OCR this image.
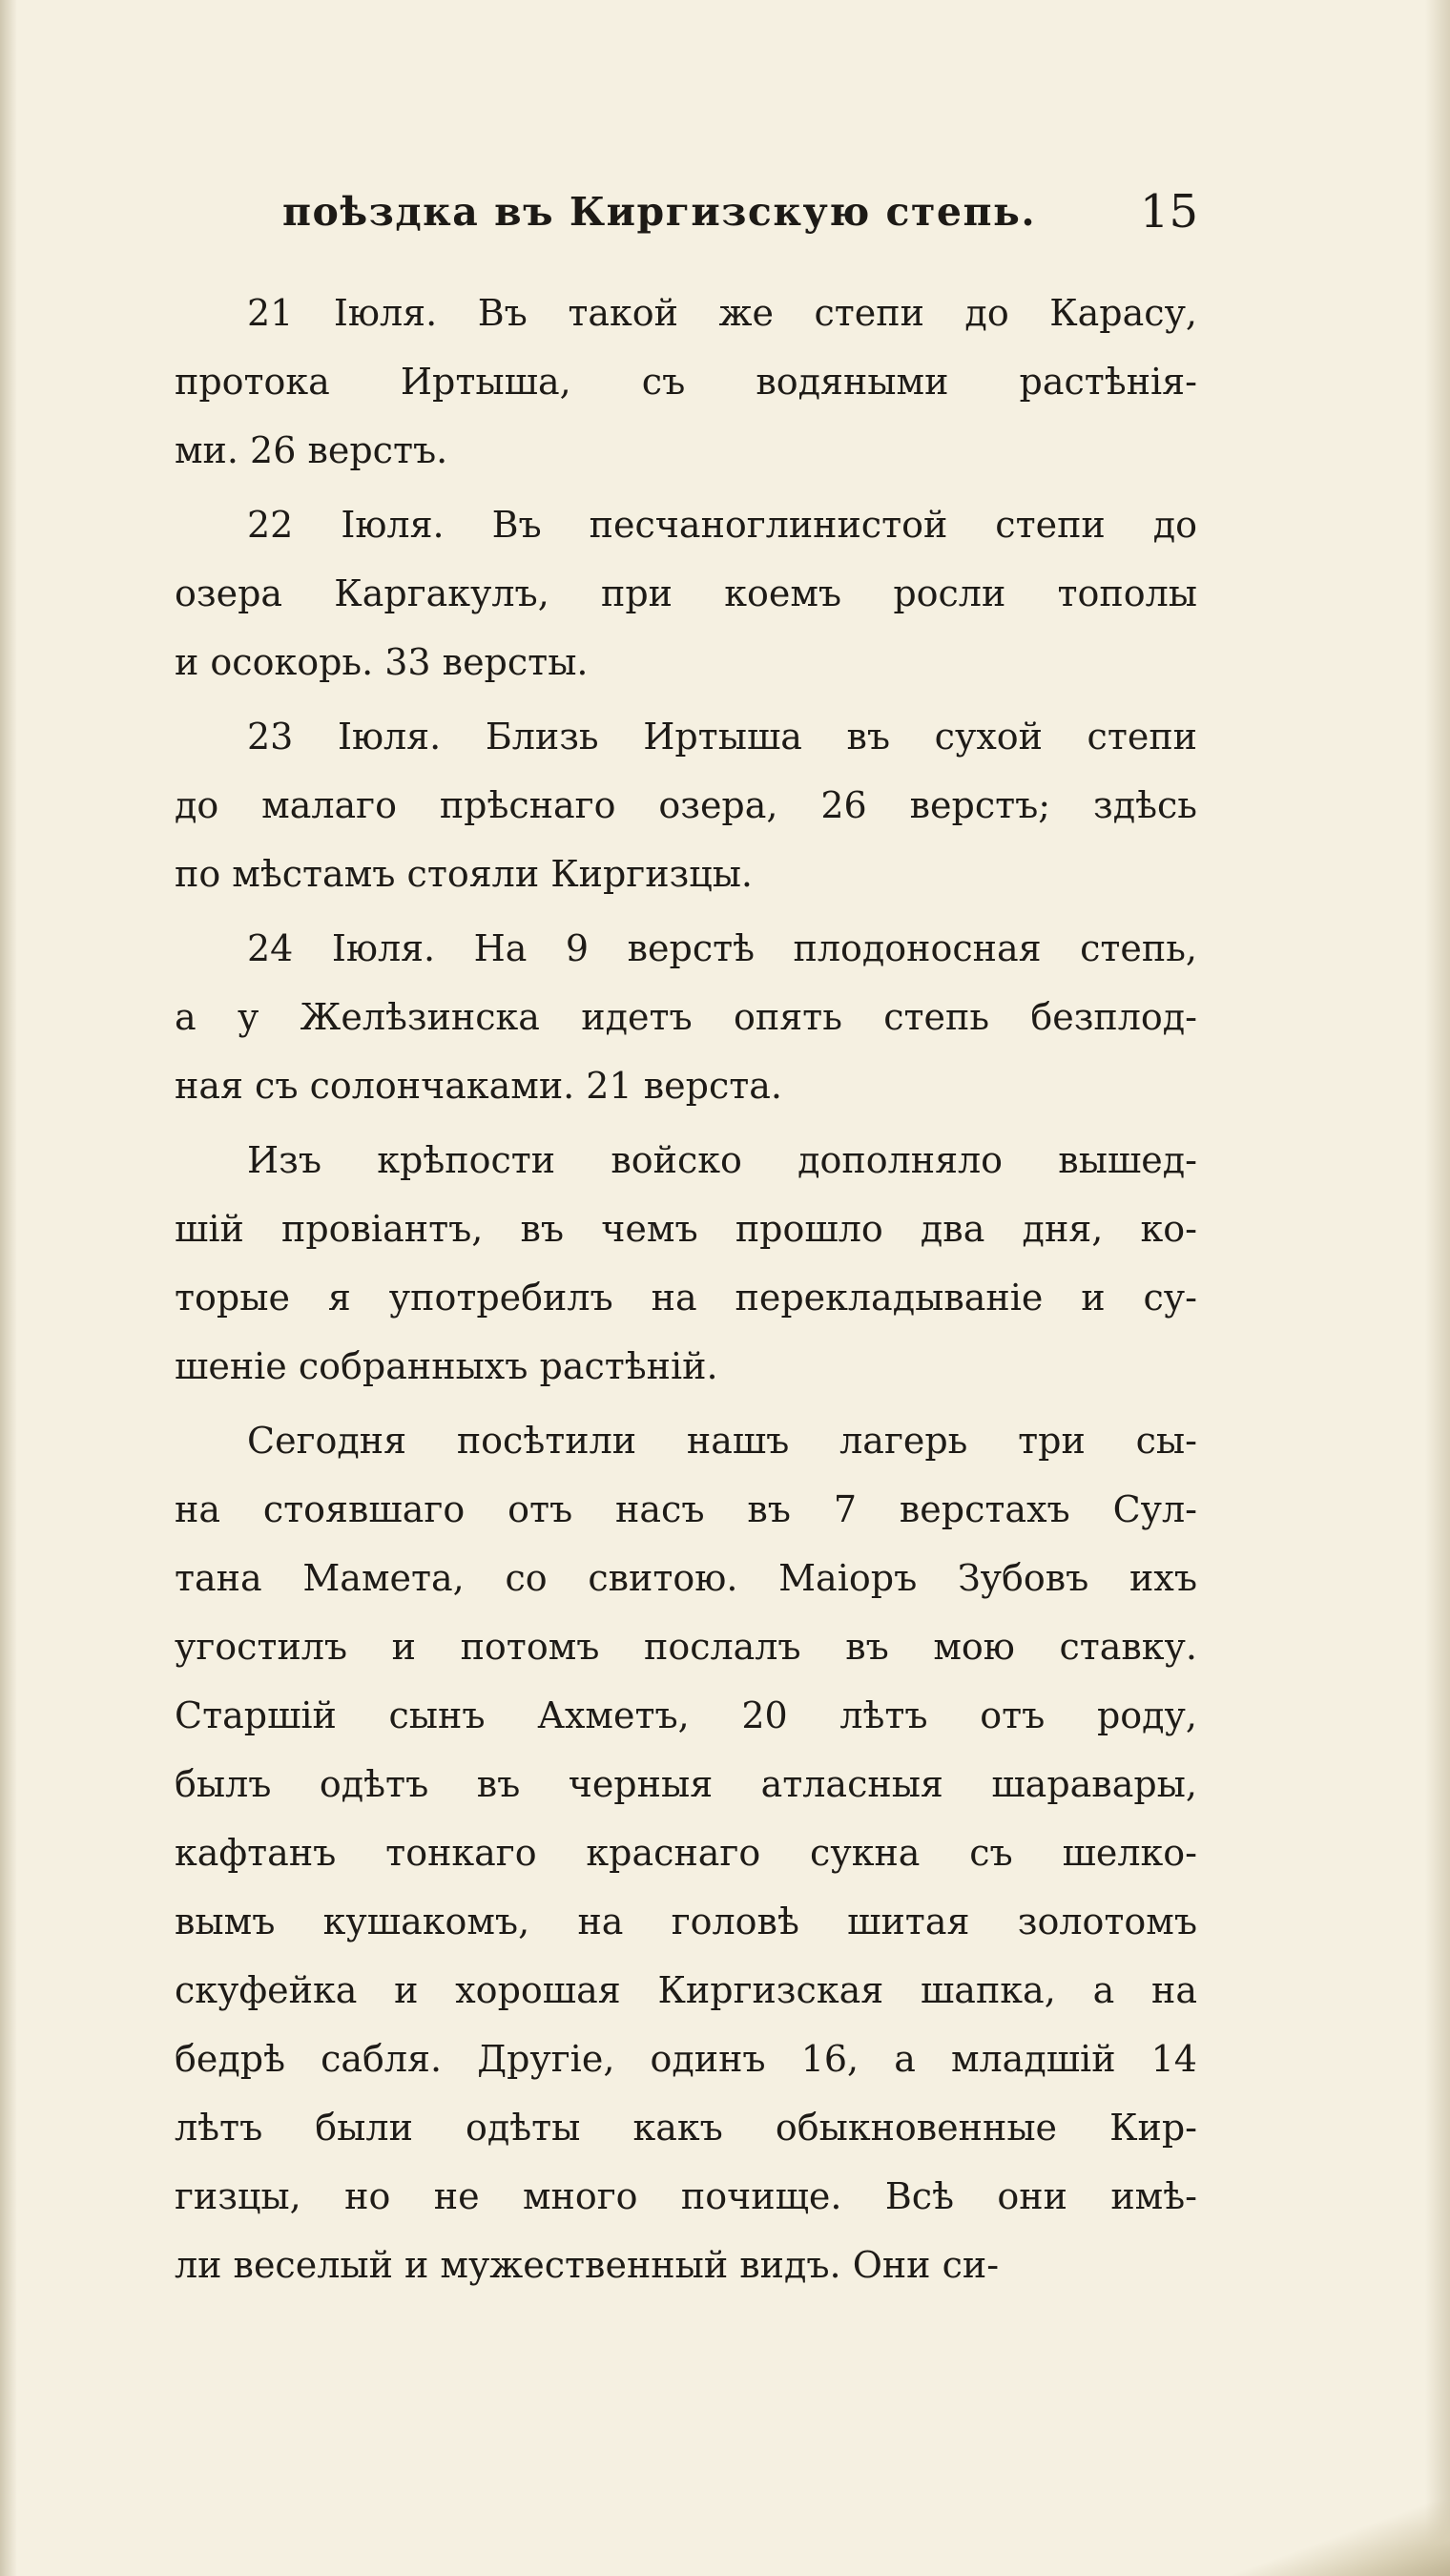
поѣздка въ Киргизскую степь. 15
21 Іюля. Въ такой же степи до Карасу,
протока Иртыша, съ водяными растѣнія-
ми. 26 верстъ.
22 Іюля. Въ песчаноглинистой степи до
озера Каргакулъ, при коемъ росли тополы
и осокорь. 33 версты.
23 Іюля. Близь Иртыша въ сухой степи
до малаго прѣснаго озера, 26 верстъ; здѣсь
по мѣстамъ стояли Киргизцы.
24 Іюля. На 9 верстѣ плодоносная степь,
а у Желѣзинска идетъ опять степь безплод-
ная съ солончаками. 21 верста.
Изъ крѣпости войско дополняло вышед-
шій провіантъ, въ чемъ прошло два дня, ко-
торые я употребилъ на перекладываніе и су-
шеніе собранныхъ растѣній.
Сегодня посѣтили нашъ лагерь три сы-
на стоявшаго отъ насъ въ 7 верстахъ Сул-
тана Мамета, со свитою. Маіоръ Зубовъ ихъ
угостилъ и потомъ послалъ въ мою ставку.
Старшій сынъ Ахметъ, 20 лѣтъ отъ роду,
былъ одѣтъ въ черныя атласныя шаравары,
кафтанъ тонкаго краснаго сукна съ шелко-
вымъ кушакомъ, на головѣ шитая золотомъ
скуфейка и хорошая Киргизская шапка, а на
бедрѣ сабля. Другіе, одинъ 16, а младшій 14
лѣтъ были одѣты какъ обыкновенные Кир-
гизцы, но не много почище. Всѣ они имѣ-
ли веселый и мужественный видъ. Они си-
